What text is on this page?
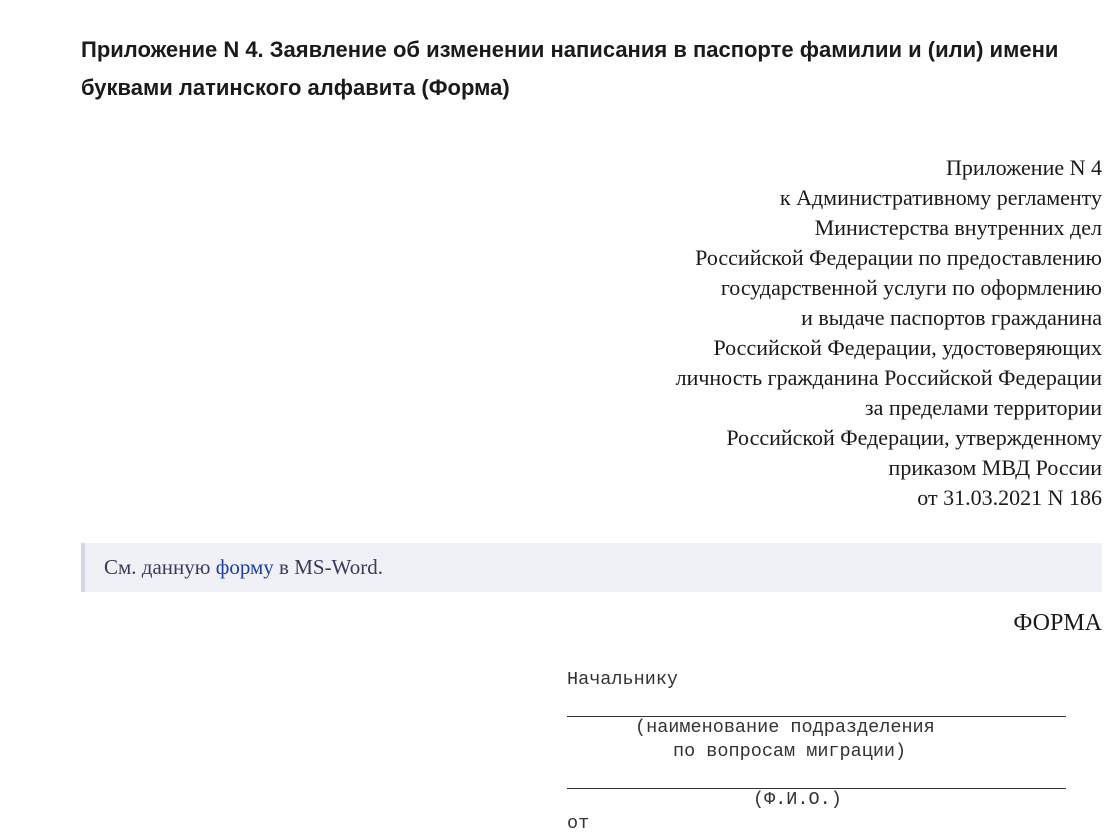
Приложение N 4. Заявление об изменении написания в паспорте фамилии и (или) имени буквами латинского алфавита (Форма)
Приложение N 4
к Административному регламенту
Министерства внутренних дел
Российской Федерации по предоставлению
государственной услуги по оформлению
и выдаче паспортов гражданина
Российской Федерации, удостоверяющих
личность гражданина Российской Федерации
за пределами территории
Российской Федерации, утвержденному
приказом МВД России
от 31.03.2021 N 186
См. данную форму в MS-Word.
ФОРМА
Начальнику
(наименование подразделения
по вопросам миграции)
(Ф.И.О.)
от
